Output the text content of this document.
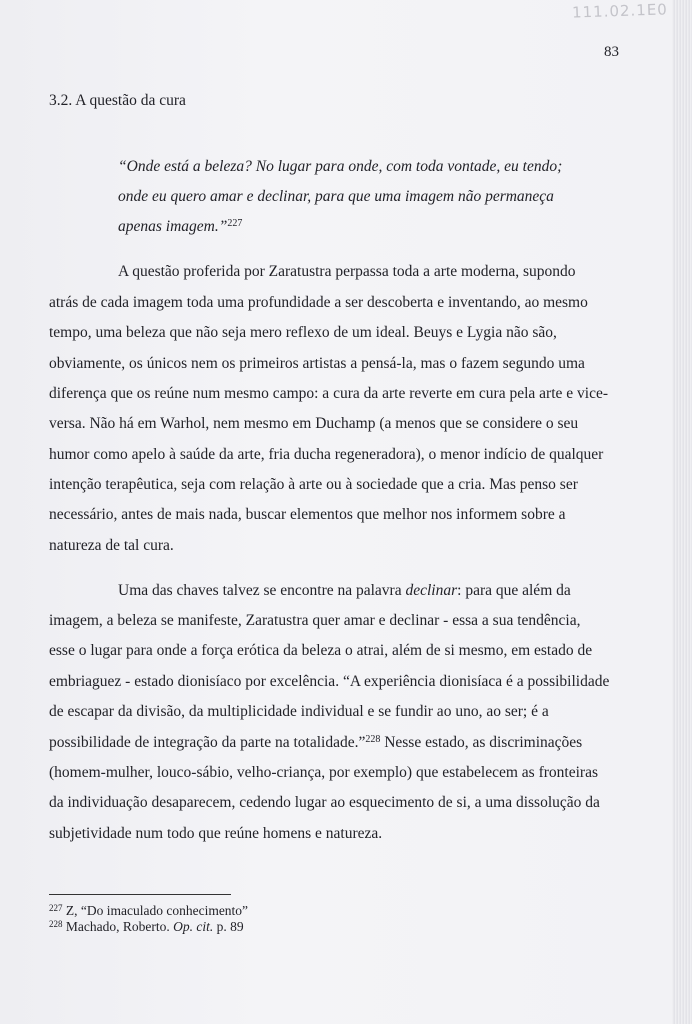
111.02.1E0
83
3.2. A questão da cura
“Onde está a beleza? No lugar para onde, com toda vontade, eu tendo; onde eu quero amar e declinar, para que uma imagem não permaneça apenas imagem.”$^{227}$
A questão proferida por Zaratustra perpassa toda a arte moderna, supondo
atrás de cada imagem toda uma profundidade a ser descoberta e inventando, ao mesmo
tempo, uma beleza que não seja mero reflexo de um ideal. Beuys e Lygia não são,
obviamente, os únicos nem os primeiros artistas a pensá-la, mas o fazem segundo uma
diferença que os reúne num mesmo campo: a cura da arte reverte em cura pela arte e vice-
versa. Não há em Warhol, nem mesmo em Duchamp (a menos que se considere o seu
humor como apelo à saúde da arte, fria ducha regeneradora), o menor indício de qualquer
intenção terapêutica, seja com relação à arte ou à sociedade que a cria. Mas penso ser
necessário, antes de mais nada, buscar elementos que melhor nos informem sobre a
natureza de tal cura.
Uma das chaves talvez se encontre na palavra declinar: para que além da
imagem, a beleza se manifeste, Zaratustra quer amar e declinar - essa a sua tendência,
esse o lugar para onde a força erótica da beleza o atrai, além de si mesmo, em estado de
embriaguez - estado dionisíaco por excelência. “A experiência dionisíaca é a possibilidade
de escapar da divisão, da multiplicidade individual e se fundir ao uno, ao ser; é a
possibilidade de integração da parte na totalidade.”$^{228}$ Nesse estado, as discriminações
(homem-mulher, louco-sábio, velho-criança, por exemplo) que estabelecem as fronteiras
da individuação desaparecem, cedendo lugar ao esquecimento de si, a uma dissolução da
subjetividade num todo que reúne homens e natureza.
$^{227}$ Z, “Do imaculado conhecimento”
$^{228}$ Machado, Roberto. Op. cit. p. 89
